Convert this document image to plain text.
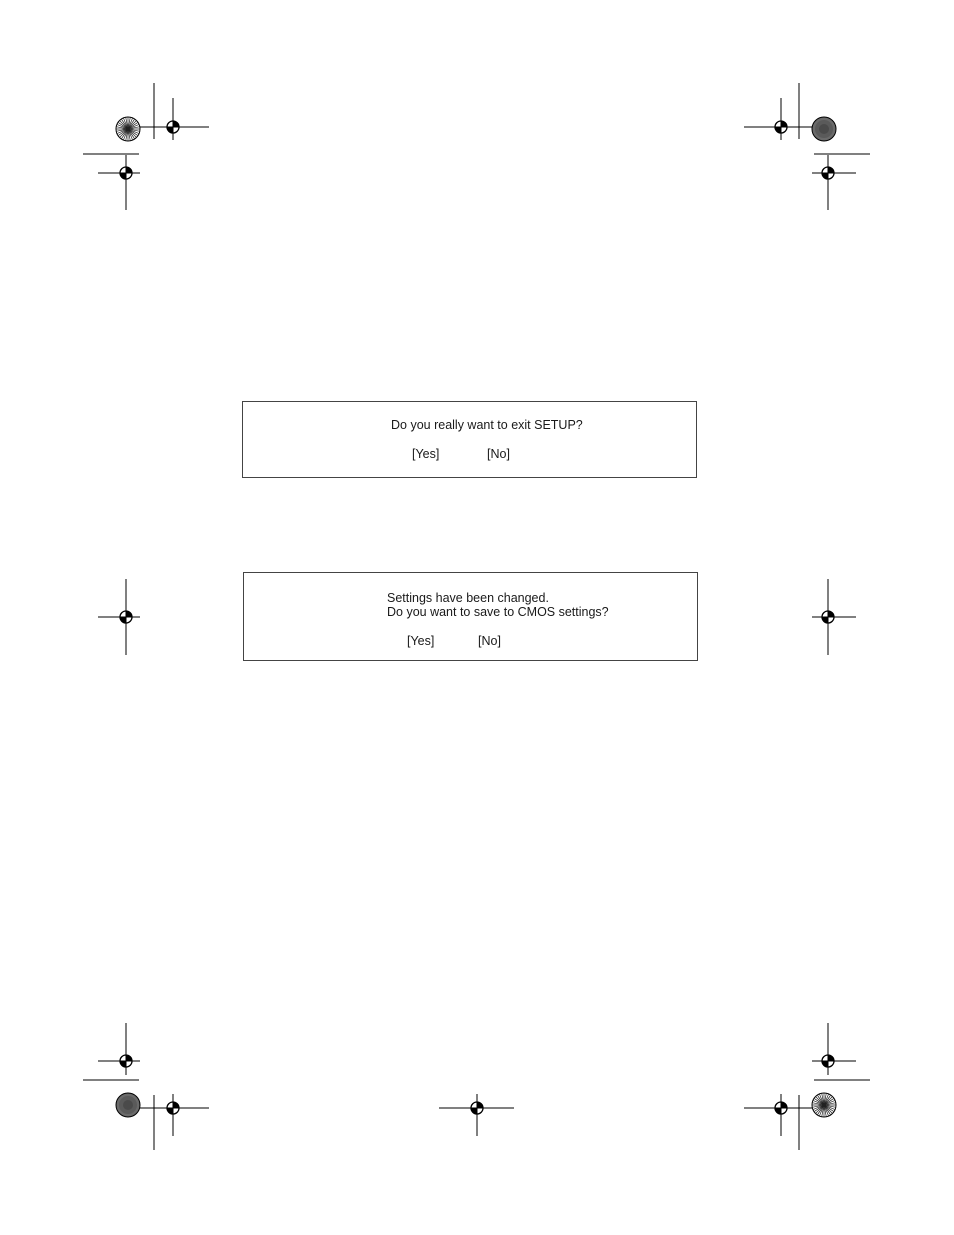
Do you really want to exit SETUP?
[Yes]	[No]
Settings have been changed.
Do you want to save to CMOS settings?
[Yes]	[No]
